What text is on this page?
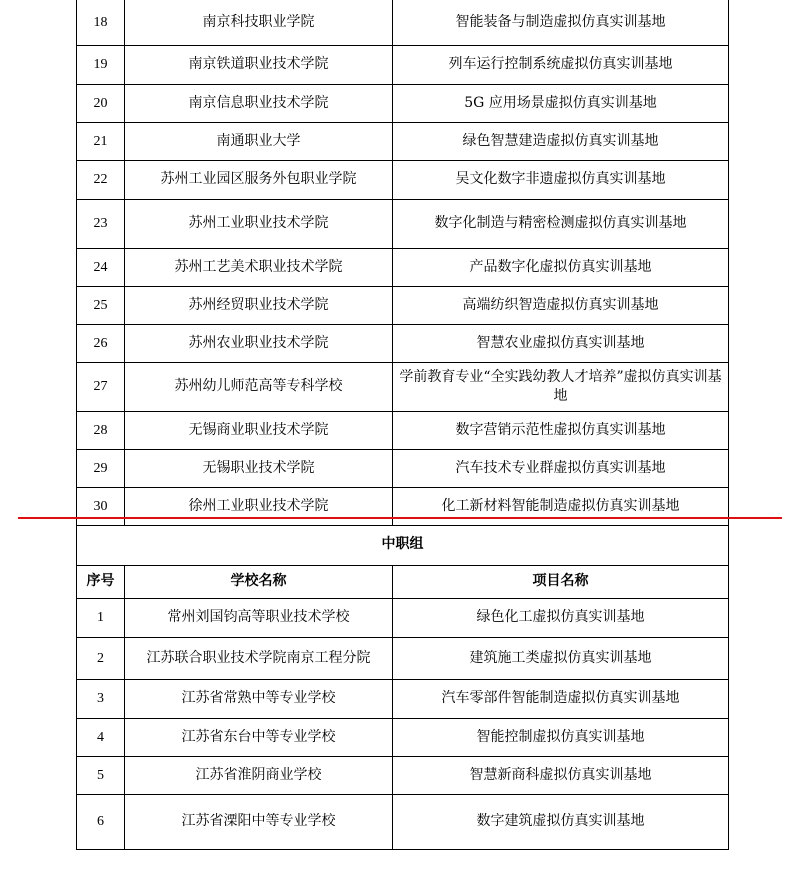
18	南京科技职业学院	智能装备与制造虚拟仿真实训基地
19	南京铁道职业技术学院	列车运行控制系统虚拟仿真实训基地
20	南京信息职业技术学院	5G 应用场景虚拟仿真实训基地
21	南通职业大学	绿色智慧建造虚拟仿真实训基地
22	苏州工业园区服务外包职业学院	吴文化数字非遗虚拟仿真实训基地
23	苏州工业职业技术学院	数字化制造与精密检测虚拟仿真实训基地
24	苏州工艺美术职业技术学院	产品数字化虚拟仿真实训基地
25	苏州经贸职业技术学院	高端纺织智造虚拟仿真实训基地
26	苏州农业职业技术学院	智慧农业虚拟仿真实训基地
27	苏州幼儿师范高等专科学校	学前教育专业“全实践幼教人才培养”虚拟仿真实训基地
28	无锡商业职业技术学院	数字营销示范性虚拟仿真实训基地
29	无锡职业技术学院	汽车技术专业群虚拟仿真实训基地
30	徐州工业职业技术学院	化工新材料智能制造虚拟仿真实训基地
中职组		
序号	学校名称	项目名称
1	常州刘国钧高等职业技术学校	绿色化工虚拟仿真实训基地
2	江苏联合职业技术学院南京工程分院	建筑施工类虚拟仿真实训基地
3	江苏省常熟中等专业学校	汽车零部件智能制造虚拟仿真实训基地
4	江苏省东台中等专业学校	智能控制虚拟仿真实训基地
5	江苏省淮阴商业学校	智慧新商科虚拟仿真实训基地
6	江苏省溧阳中等专业学校	数字建筑虚拟仿真实训基地
